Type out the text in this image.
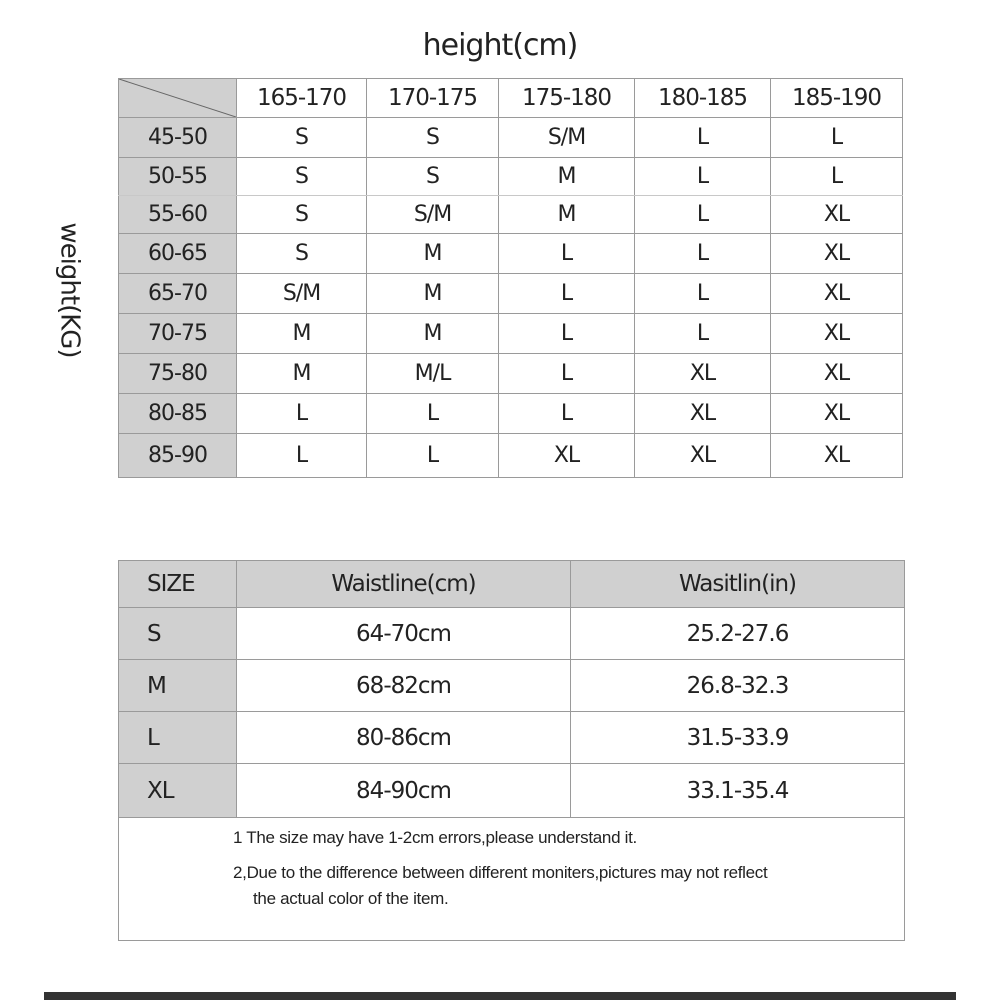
height(cm)
weight(KG)
	165-170	170-175	175-180	180-185	185-190
45-50	S	S	S/M	L	L
50-55	S	S	M	L	L
55-60	S	S/M	M	L	XL
60-65	S	M	L	L	XL
65-70	S/M	M	L	L	XL
70-75	M	M	L	L	XL
75-80	M	M/L	L	XL	XL
80-85	L	L	L	XL	XL
85-90	L	L	XL	XL	XL
SIZE	Waistline(cm)	Wasitlin(in)
S	64-70cm	25.2-27.6
M	68-82cm	26.8-32.3
L	80-86cm	31.5-33.9
XL	84-90cm	33.1-35.4

1 The size may have 1-2cm errors,please understand it.

2,Due to the difference between different moniters,pictures may not reflect
the actual color of the item.		
